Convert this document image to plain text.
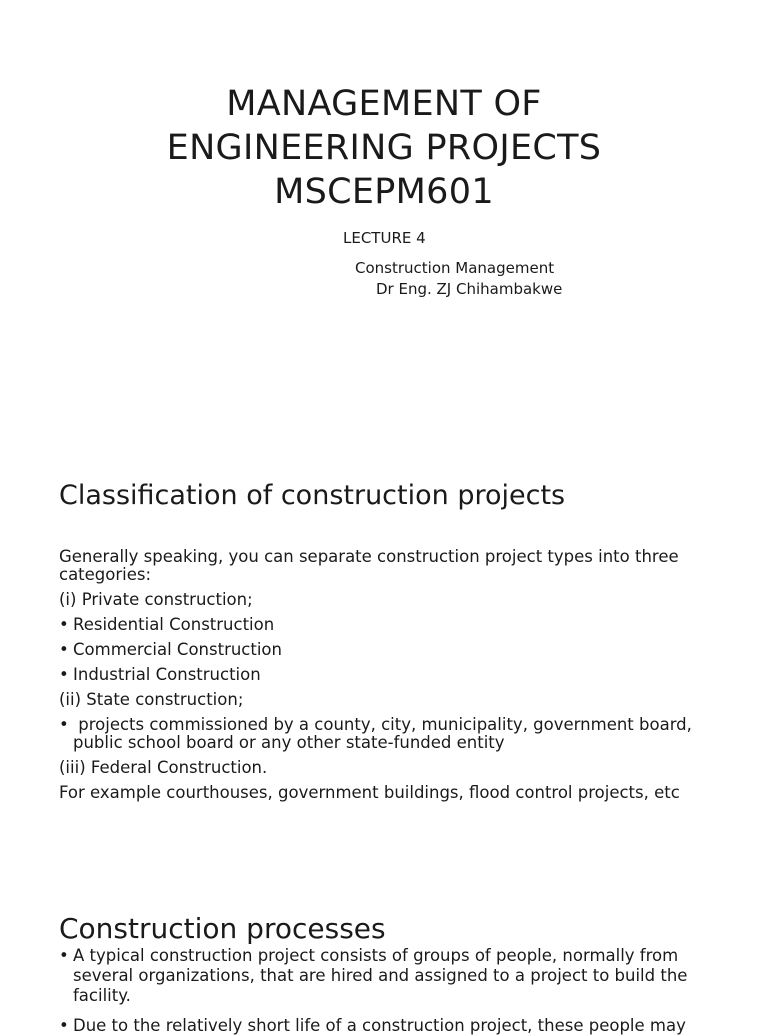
MANAGEMENT OF
ENGINEERING PROJECTS
MSCEPM601
LECTURE 4
Construction Management
Dr Eng. ZJ Chihambakwe
Classification of construction projects
Generally speaking, you can separate construction project types into three
categories:
(i) Private construction;
• Residential Construction
• Commercial Construction
• Industrial Construction
(ii) State construction;
• projects commissioned by a county, city, municipality, government board,
public school board or any other state-funded entity
(iii) Federal Construction.
For example courthouses, government buildings, flood control projects, etc
Construction processes
• A typical construction project consists of groups of people, normally from
several organizations, that are hired and assigned to a project to build the
facility.
• Due to the relatively short life of a construction project, these people may
